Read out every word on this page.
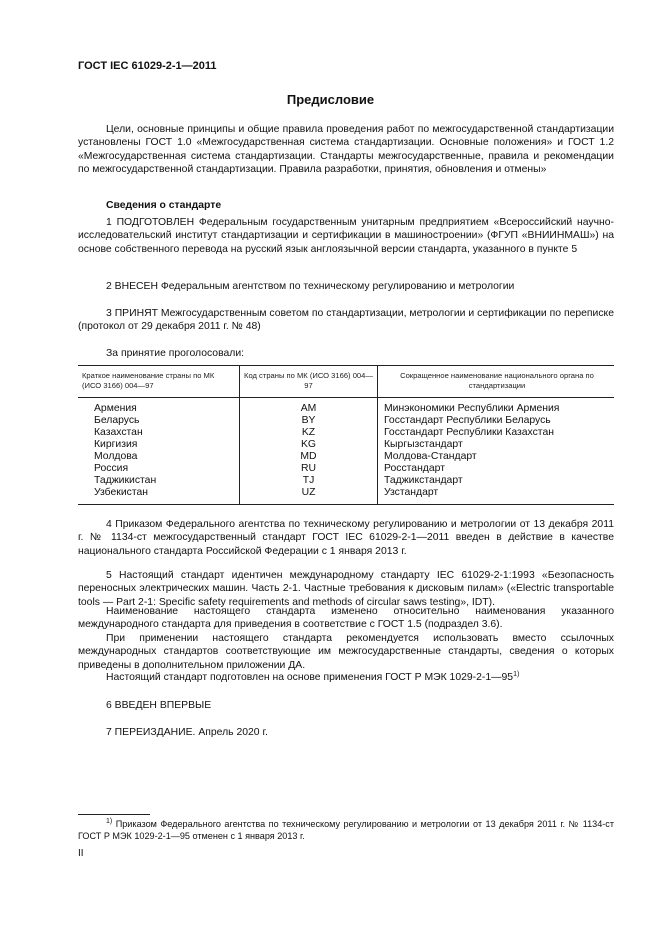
ГОСТ IEC 61029-2-1—2011
Предисловие
Цели, основные принципы и общие правила проведения работ по межгосударственной стандартизации установлены ГОСТ 1.0 «Межгосударственная система стандартизации. Основные положения» и ГОСТ 1.2 «Межгосударственная система стандартизации. Стандарты межгосударственные, правила и рекомендации по межгосударственной стандартизации. Правила разработки, принятия, обновления и отмены»
Сведения о стандарте
1 ПОДГОТОВЛЕН Федеральным государственным унитарным предприятием «Всероссийский научно-исследовательский институт стандартизации и сертификации в машиностроении» (ФГУП «ВНИИНМАШ») на основе собственного перевода на русский язык англоязычной версии стандарта, указанного в пункте 5
2 ВНЕСЕН Федеральным агентством по техническому регулированию и метрологии
3 ПРИНЯТ Межгосударственным советом по стандартизации, метрологии и сертификации по переписке (протокол от 29 декабря 2011 г. № 48)
За принятие проголосовали:
Краткое наименование страны по МК (ИСО 3166) 004—97	Код страны по МК (ИСО 3166) 004—97	Сокращенное наименование национального органа по стандартизации
Армения	AM	Минэкономики Республики Армения
Беларусь	BY	Госстандарт Республики Беларусь
Казахстан	KZ	Госстандарт Республики Казахстан
Киргизия	KG	Кыргызстандарт
Молдова	MD	Молдова-Стандарт
Россия	RU	Росстандарт
Таджикистан	TJ	Таджикстандарт
Узбекистан	UZ	Узстандарт
4 Приказом Федерального агентства по техническому регулированию и метрологии от 13 декабря 2011 г. № 1134-ст межгосударственный стандарт ГОСТ IEC 61029-2-1—2011 введен в действие в качестве национального стандарта Российской Федерации с 1 января 2013 г.
5 Настоящий стандарт идентичен международному стандарту IEC 61029-2-1:1993 «Безопасность переносных электрических машин. Часть 2-1. Частные требования к дисковым пилам» («Electric transportable tools — Part 2-1: Specific safety requirements and methods of circular saws testing», IDT).
Наименование настоящего стандарта изменено относительно наименования указанного международного стандарта для приведения в соответствие с ГОСТ 1.5 (подраздел 3.6).
При применении настоящего стандарта рекомендуется использовать вместо ссылочных международных стандартов соответствующие им межгосударственные стандарты, сведения о которых приведены в дополнительном приложении ДА.
Настоящий стандарт подготовлен на основе применения ГОСТ Р МЭК 1029-2-1—95$^{1)}$
6 ВВЕДЕН ВПЕРВЫЕ
7 ПЕРЕИЗДАНИЕ. Апрель 2020 г.
$^{1)}$ Приказом Федерального агентства по техническому регулированию и метрологии от 13 декабря 2011 г. № 1134-ст ГОСТ Р МЭК 1029-2-1—95 отменен с 1 января 2013 г.
II
